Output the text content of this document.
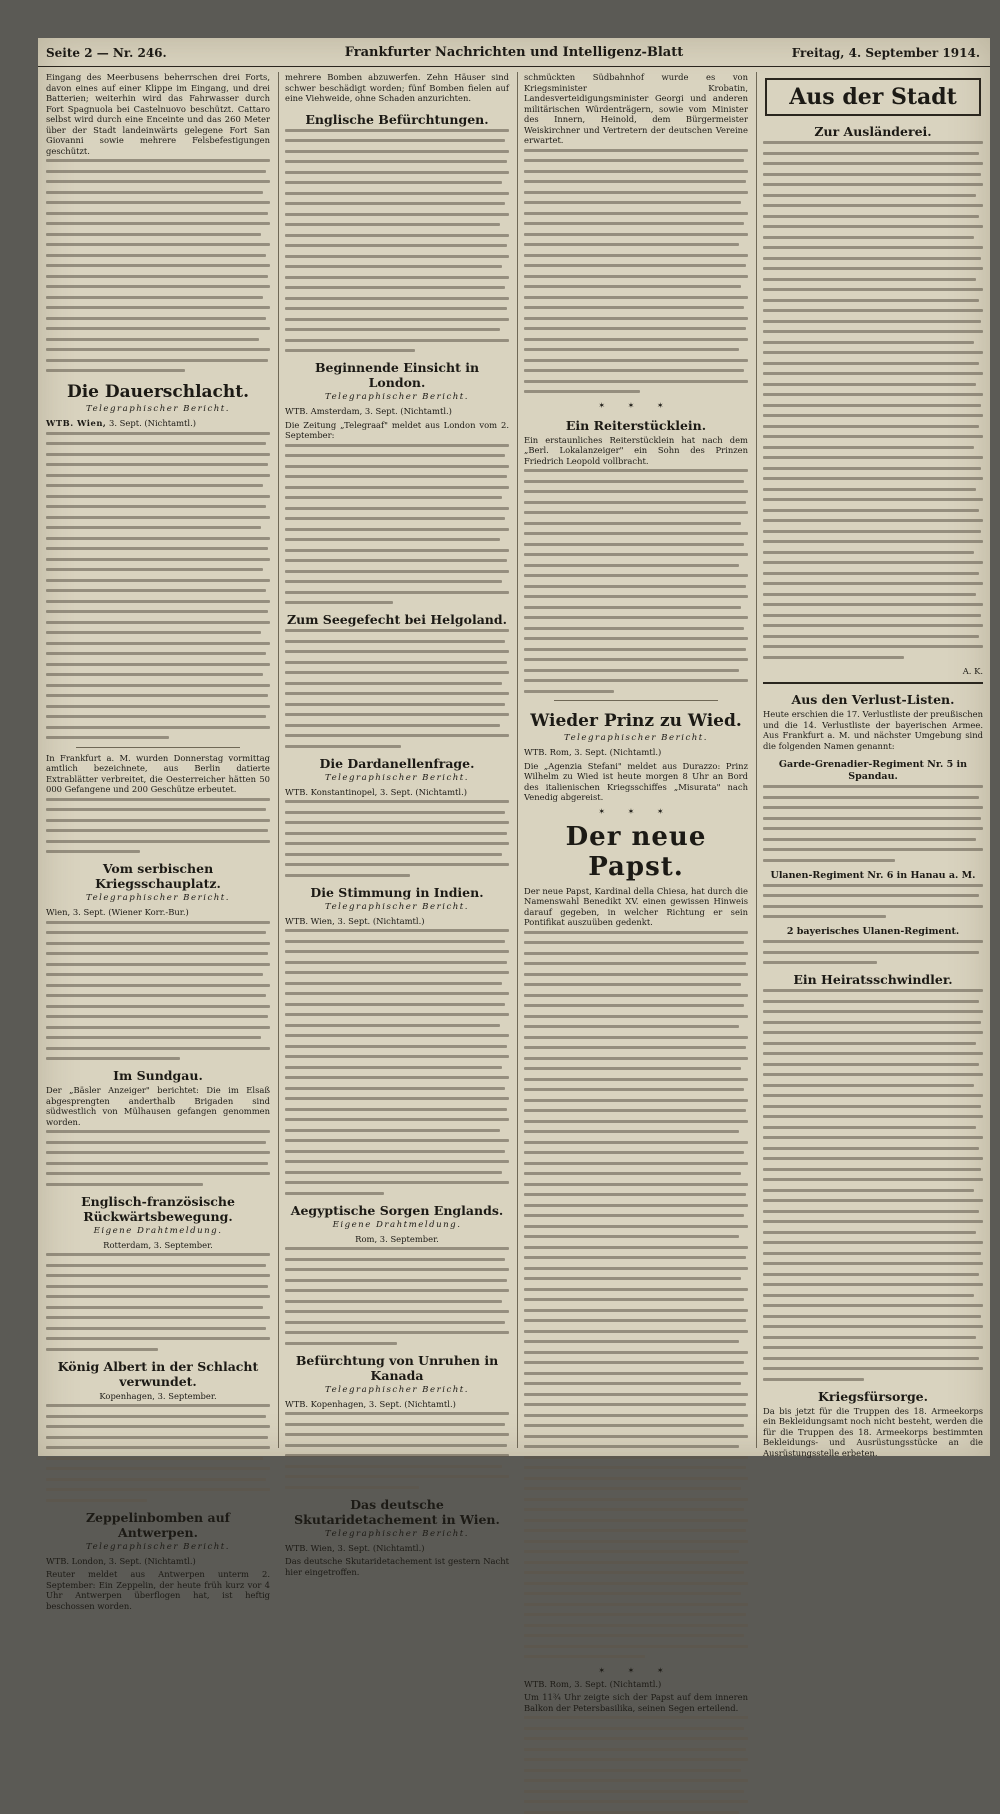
Seite 2 — Nr. 246.	Frankfurter Nachrichten und Intelligenz-Blatt	Freitag, 4. September 1914.

Eingang des Meerbusens beherrschen drei Forts, davon eines auf einer Klippe im Eingang, und drei Batterien; weiterhin wird das Fahrwasser durch Fort Spagnuola bei Castelnuovo beschützt. Cattaro selbst wird durch eine Enceinte und das 260 Meter über der Stadt landeinwärts gelegene Fort San Giovanni sowie mehrere Felsbefestigungen geschützt.

Die Dauerschlacht.
Telegraphischer Bericht.
WTB. Wien, 3. Sept. (Nichtamtl.)

In Frankfurt a. M. wurden Donnerstag vormittag amtlich bezeichnete, aus Berlin datierte Extrablätter verbreitet, die Oesterreicher hätten 50 000 Gefangene und 200 Geschütze erbeutet.

Vom serbischen Kriegsschauplatz.
Telegraphischer Bericht.
Wien, 3. Sept. (Wiener Korr.-Bur.)
Im Sundgau.

Der „Bäsler Anzeiger" berichtet: Die im Elsaß abgesprengten anderthalb Brigaden sind südwestlich von Mülhausen gefangen genommen worden.

Englisch-französische Rückwärtsbewegung.
Eigene Drahtmeldung.
Rotterdam, 3. September.
König Albert in der Schlacht verwundet.
Kopenhagen, 3. September.
Zeppelinbomben auf Antwerpen.
Telegraphischer Bericht.
WTB. London, 3. Sept. (Nichtamtl.)

Reuter meldet aus Antwerpen unterm 2. September: Ein Zeppelin, der heute früh kurz vor 4 Uhr Antwerpen überflogen hat, ist heftig beschossen worden.

mehrere Bomben abzuwerfen. Zehn Häuser sind schwer beschädigt worden; fünf Bomben fielen auf eine Viehweide, ohne Schaden anzurichten.

Englische Befürchtungen.
Beginnende Einsicht in London.
Telegraphischer Bericht.
WTB. Amsterdam, 3. Sept. (Nichtamtl.)

Die Zeitung „Telegraaf" meldet aus London vom 2. September:

Zum Seegefecht bei Helgoland.
Die Dardanellenfrage.
Telegraphischer Bericht.
WTB. Konstantinopel, 3. Sept. (Nichtamtl.)
Die Stimmung in Indien.
Telegraphischer Bericht.
WTB. Wien, 3. Sept. (Nichtamtl.)
Aegyptische Sorgen Englands.
Eigene Drahtmeldung.
Rom, 3. September.
Befürchtung von Unruhen in Kanada
Telegraphischer Bericht.
WTB. Kopenhagen, 3. Sept. (Nichtamtl.)
Das deutsche Skutaridetachement in Wien.
Telegraphischer Bericht.
WTB. Wien, 3. Sept. (Nichtamtl.)

Das deutsche Skutaridetachement ist gestern Nacht hier eingetroffen.

schmückten Südbahnhof wurde es von Kriegsminister Krobatin, Landesverteidigungsminister Georgi und anderen militärischen Würdenträgern, sowie vom Minister des Innern, Heinold, dem Bürgermeister Weiskirchner und Vertretern der deutschen Vereine erwartet.

✶ ✶ ✶
Ein Reiterstücklein.

Ein erstaunliches Reiterstücklein hat nach dem „Berl. Lokalanzeiger" ein Sohn des Prinzen Friedrich Leopold vollbracht.

Wieder Prinz zu Wied.
Telegraphischer Bericht.
WTB. Rom, 3. Sept. (Nichtamtl.)

Die „Agenzia Stefani" meldet aus Durazzo: Prinz Wilhelm zu Wied ist heute morgen 8 Uhr an Bord des italienischen Kriegsschiffes „Misurata" nach Venedig abgereist.

✶ ✶ ✶
Der neue Papst.

Der neue Papst, Kardinal della Chiesa, hat durch die Namenswahl Benedikt XV. einen gewissen Hinweis darauf gegeben, in welcher Richtung er sein Pontifikat auszuüben gedenkt.

✶ ✶ ✶
WTB. Rom, 3. Sept. (Nichtamtl.)

Um 11¾ Uhr zeigte sich der Papst auf dem inneren Balkon der Petersbasilika, seinen Segen erteilend.

Aus der Stadt
Zur Ausländerei.
A. K.
Aus den Verlust-Listen.

Heute erschien die 17. Verlustliste der preußischen und die 14. Verlustliste der bayerischen Armee. Aus Frankfurt a. M. und nächster Umgebung sind die folgenden Namen genannt:

Garde-Grenadier-Regiment Nr. 5 in Spandau.
Ulanen-Regiment Nr. 6 in Hanau a. M.
2 bayerisches Ulanen-Regiment.
Ein Heiratsschwindler.
Kriegsfürsorge.

Da bis jetzt für die Truppen des 18. Armeekorps ein Bekleidungsamt noch nicht besteht, werden die für die Truppen des 18. Armeekorps bestimmten Bekleidungs- und Ausrüstungsstücke an die Ausrüstungsstelle erbeten.
